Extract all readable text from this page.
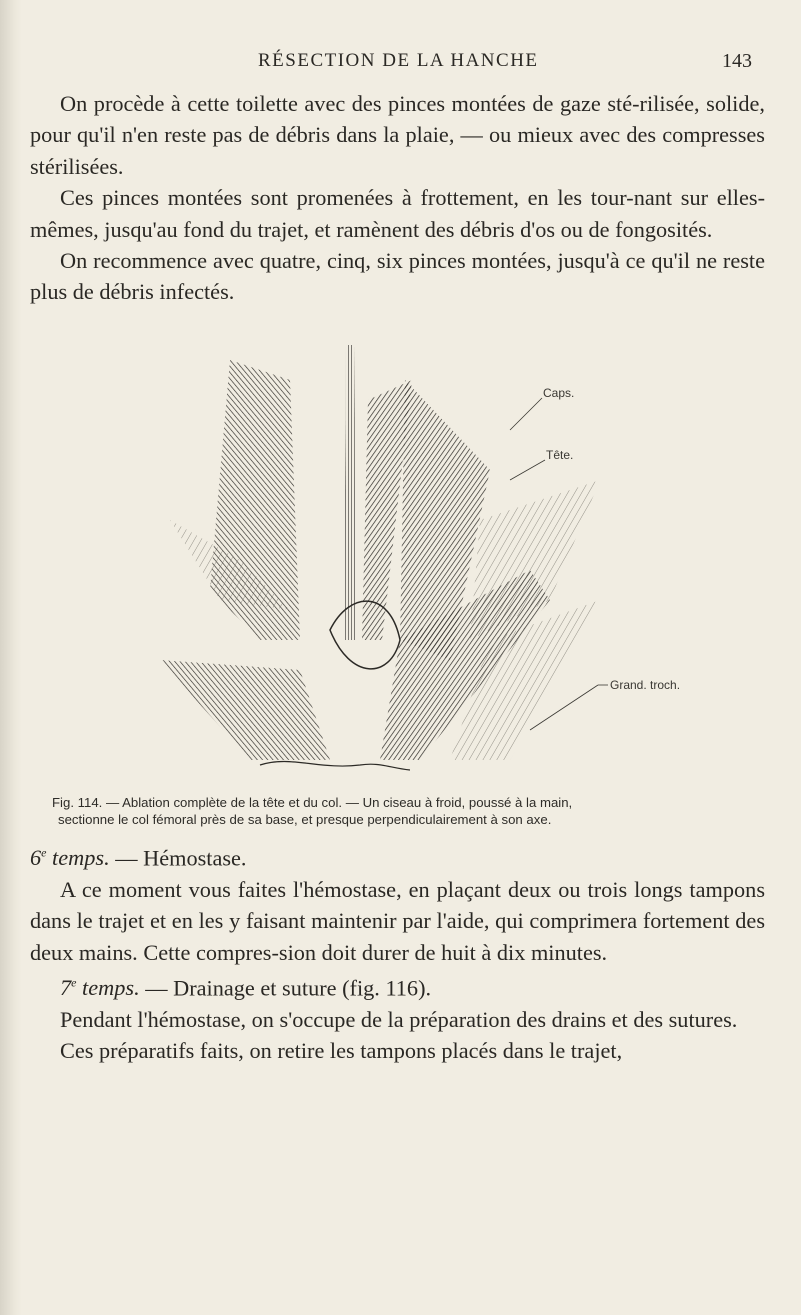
RÉSECTION DE LA HANCHE	143

On procède à cette toilette avec des pinces montées de gaze sté-rilisée, solide, pour qu'il n'en reste pas de débris dans la plaie, — ou mieux avec des compresses stérilisées.

Ces pinces montées sont promenées à frottement, en les tour-nant sur elles-mêmes, jusqu'au fond du trajet, et ramènent des débris d'os ou de fongosités.

On recommence avec quatre, cinq, six pinces montées, jusqu'à ce qu'il ne reste plus de débris infectés.

Caps.
Tête.
Grand. troch.

Fig. 114. — Ablation complète de la tête et du col. — Un ciseau à froid, poussé à la main,

sectionne le col fémoral près de sa base, et presque perpendiculairement à son axe.

6e temps. — Hémostase.

A ce moment vous faites l'hémostase, en plaçant deux ou trois longs tampons dans le trajet et en les y faisant maintenir par l'aide, qui comprimera fortement des deux mains. Cette compres-sion doit durer de huit à dix minutes.

7e temps. — Drainage et suture (fig. 116).

Pendant l'hémostase, on s'occupe de la préparation des drains et des sutures.

Ces préparatifs faits, on retire les tampons placés dans le trajet,
